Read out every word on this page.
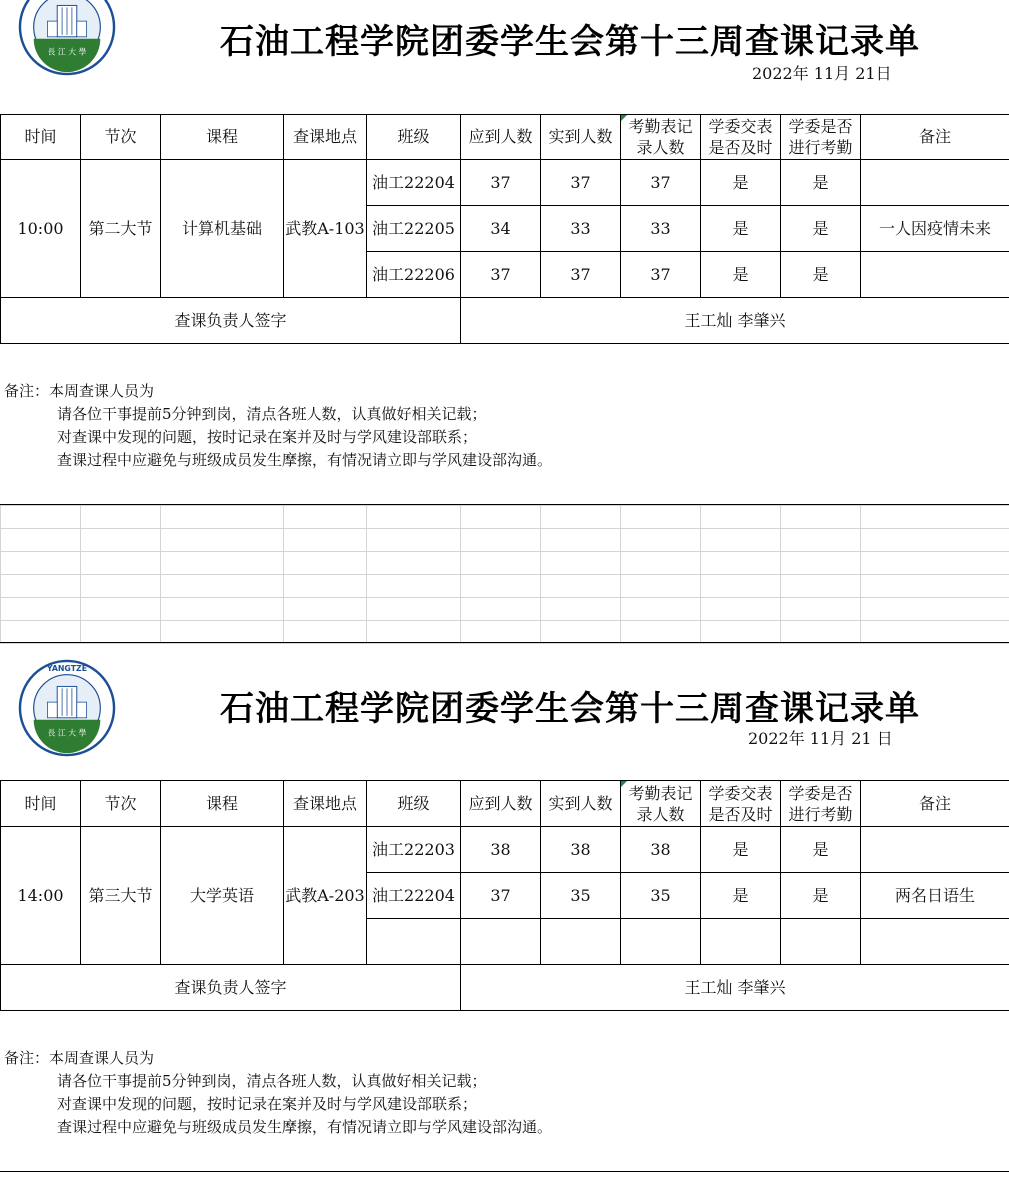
長 江 大 學	石油工程学院团委学生会第十三周查课记录单
2022年 11月 21日
时间	节次	课程	查课地点	班级	应到人数	实到人数	考勤表记录人数	学委交表是否及时	学委是否进行考勤	备注
10:00	第二大节	计算机基础	武教A-103	油工22204	37	37	37	是	是	
				油工22205	34	33	33	是	是	一人因疫情未来
				油工22206	37	37	37	是	是	
查课负责人签字					王工灿 李肇兴					
备注：本周查课人员为
请各位干事提前5分钟到岗，清点各班人数，认真做好相关记载；
对查课中发现的问题，按时记录在案并及时与学风建设部联系；
查课过程中应避免与班级成员发生摩擦，有情况请立即与学风建设部沟通。

YANGTZE
長 江 大 學
石油工程学院团委学生会第十三周查课记录单
2022年 11月 21 日
时间	节次	课程	查课地点	班级	应到人数	实到人数	考勤表记录人数	学委交表是否及时	学委是否进行考勤	备注
14:00	第三大节	大学英语	武教A-203	油工22203	38	38	38	是	是	
				油工22204	37	35	35	是	是	两名日语生

查课负责人签字					王工灿 李肇兴					
备注：本周查课人员为
请各位干事提前5分钟到岗，清点各班人数，认真做好相关记载；
对查课中发现的问题，按时记录在案并及时与学风建设部联系；
查课过程中应避免与班级成员发生摩擦，有情况请立即与学风建设部沟通。
